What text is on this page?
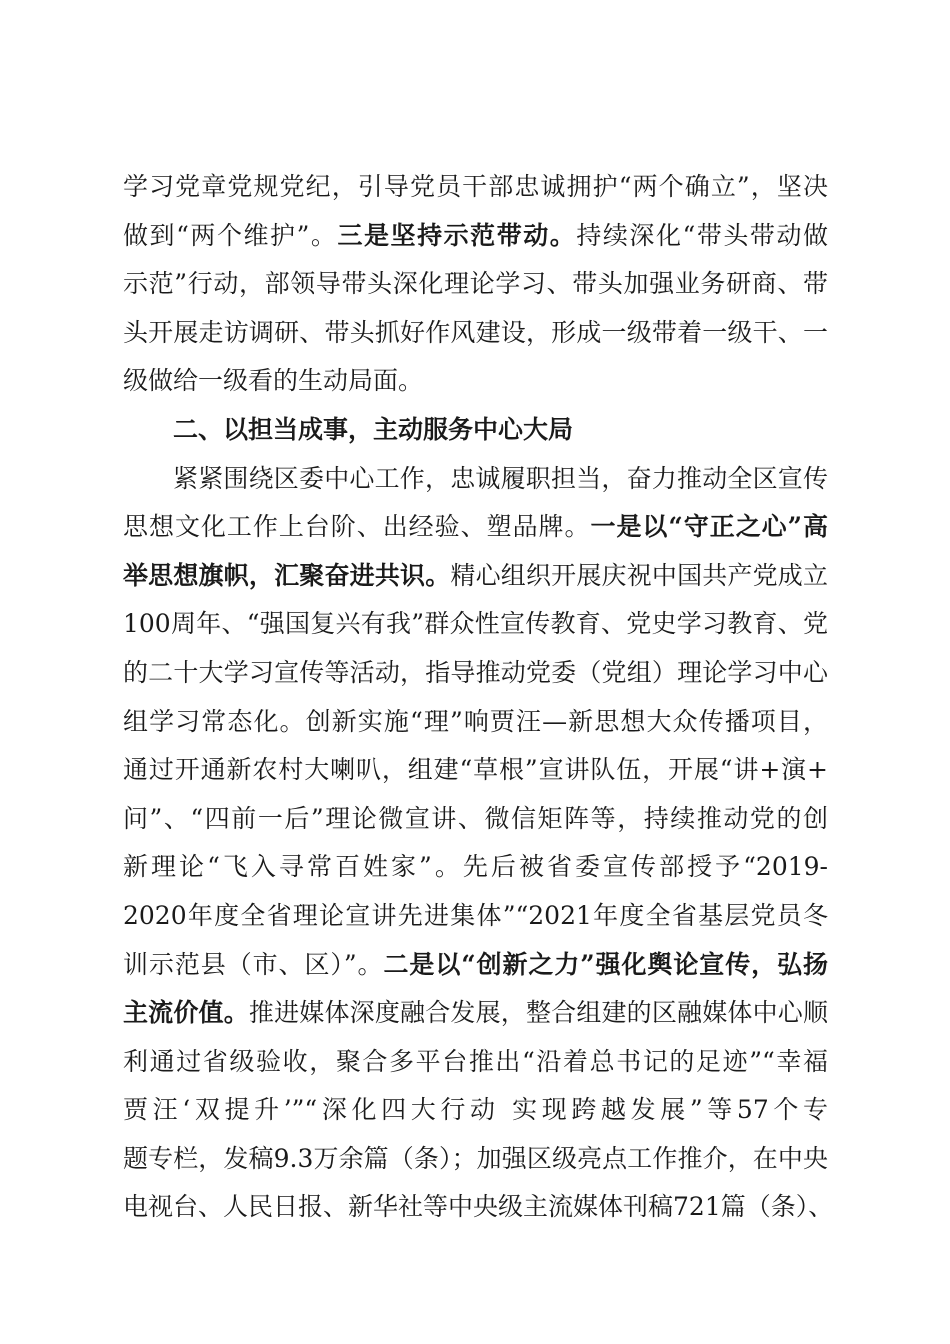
学习党章党规党纪，引导党员干部忠诚拥护“两个确立”，坚决
做到“两个维护”。三是坚持示范带动。持续深化“带头带动做
示范”行动，部领导带头深化理论学习、带头加强业务研商、带
头开展走访调研、带头抓好作风建设，形成一级带着一级干、一
级做给一级看的生动局面。
二、以担当成事，主动服务中心大局
紧紧围绕区委中心工作，忠诚履职担当，奋力推动全区宣传
思想文化工作上台阶、出经验、塑品牌。一是以“守正之心”高
举思想旗帜，汇聚奋进共识。精心组织开展庆祝中国共产党成立
100周年、“强国复兴有我”群众性宣传教育、党史学习教育、党
的二十大学习宣传等活动，指导推动党委（党组）理论学习中心
组学习常态化。创新实施“理”响贾汪—新思想大众传播项目，
通过开通新农村大喇叭，组建“草根”宣讲队伍，开展“讲+演+
问”、“四前一后”理论微宣讲、微信矩阵等，持续推动党的创
新理论“飞入寻常百姓家”。先后被省委宣传部授予“2019-
2020年度全省理论宣讲先进集体”“2021年度全省基层党员冬
训示范县（市、区）”。二是以“创新之力”强化舆论宣传，弘扬
主流价值。推进媒体深度融合发展，整合组建的区融媒体中心顺
利通过省级验收，聚合多平台推出“沿着总书记的足迹”“幸福
贾汪‘双提升’”“深化四大行动 实现跨越发展”等57个专
题专栏，发稿9.3万余篇（条）；加强区级亮点工作推介，在中央
电视台、人民日报、新华社等中央级主流媒体刊稿721篇（条）、
